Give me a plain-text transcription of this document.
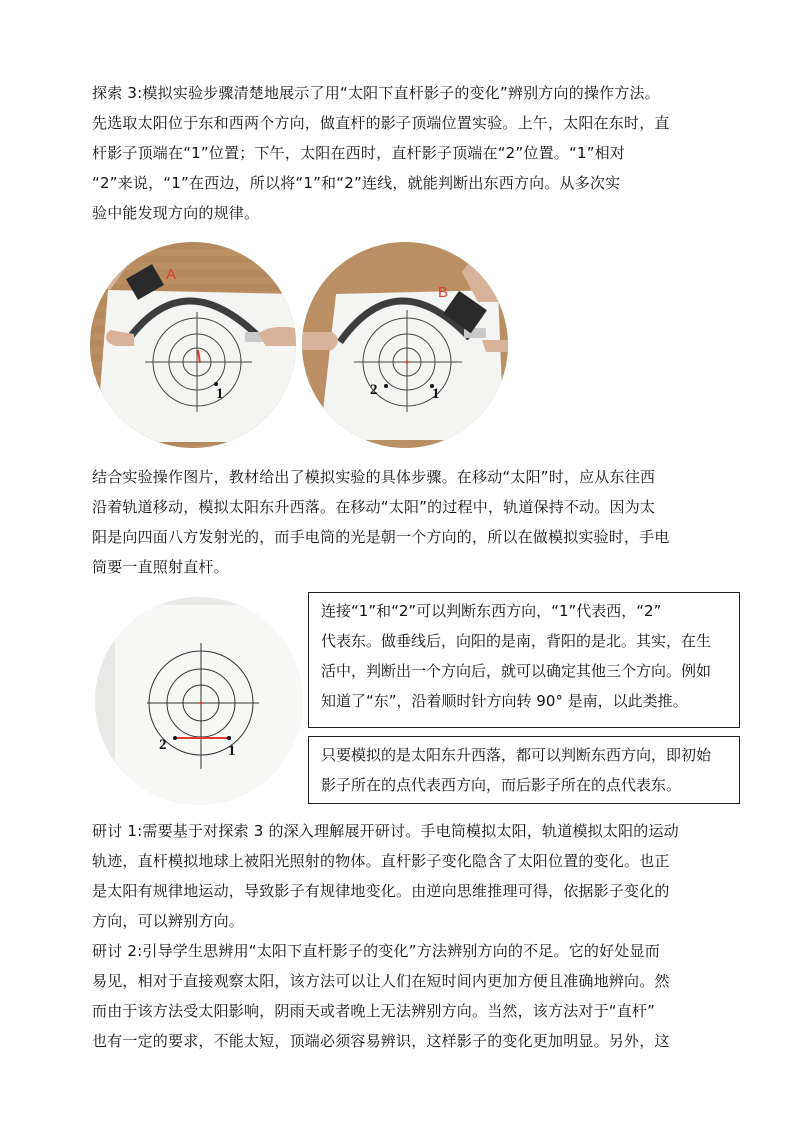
探索 3:模拟实验步骤清楚地展示了用“太阳下直杆影子的变化”辨别方向的操作方法。
先选取太阳位于东和西两个方向，做直杆的影子顶端位置实验。上午，太阳在东时，直
杆影子顶端在“1”位置；下午，太阳在西时，直杆影子顶端在“2”位置。“1”相对
“2”来说，“1”在西边，所以将“1”和“2”连线，就能判断出东西方向。从多次实
验中能发现方向的规律。
A
1
B
2	1
结合实验操作图片，教材给出了模拟实验的具体步骤。在移动“太阳”时，应从东往西
沿着轨道移动，模拟太阳东升西落。在移动“太阳”的过程中，轨道保持不动。因为太
阳是向四面八方发射光的，而手电筒的光是朝一个方向的，所以在做模拟实验时，手电
筒要一直照射直杆。
2	1
连接“1”和“2”可以判断东西方向，“1”代表西，“2”
代表东。做垂线后，向阳的是南，背阳的是北。其实，在生
活中，判断出一个方向后，就可以确定其他三个方向。例如
知道了“东”，沿着顺时针方向转 90° 是南，以此类推。
只要模拟的是太阳东升西落，都可以判断东西方向，即初始
影子所在的点代表西方向，而后影子所在的点代表东。
研讨 1:需要基于对探索 3 的深入理解展开研讨。手电筒模拟太阳，轨道模拟太阳的运动
轨迹，直杆模拟地球上被阳光照射的物体。直杆影子变化隐含了太阳位置的变化。也正
是太阳有规律地运动，导致影子有规律地变化。由逆向思维推理可得，依据影子变化的
方向，可以辨别方向。
研讨 2:引导学生思辨用“太阳下直杆影子的变化”方法辨别方向的不足。它的好处显而
易见，相对于直接观察太阳，该方法可以让人们在短时间内更加方便且准确地辨向。然
而由于该方法受太阳影响，阴雨天或者晚上无法辨别方向。当然，该方法对于“直杆”
也有一定的要求，不能太短，顶端必须容易辨识，这样影子的变化更加明显。另外，这
